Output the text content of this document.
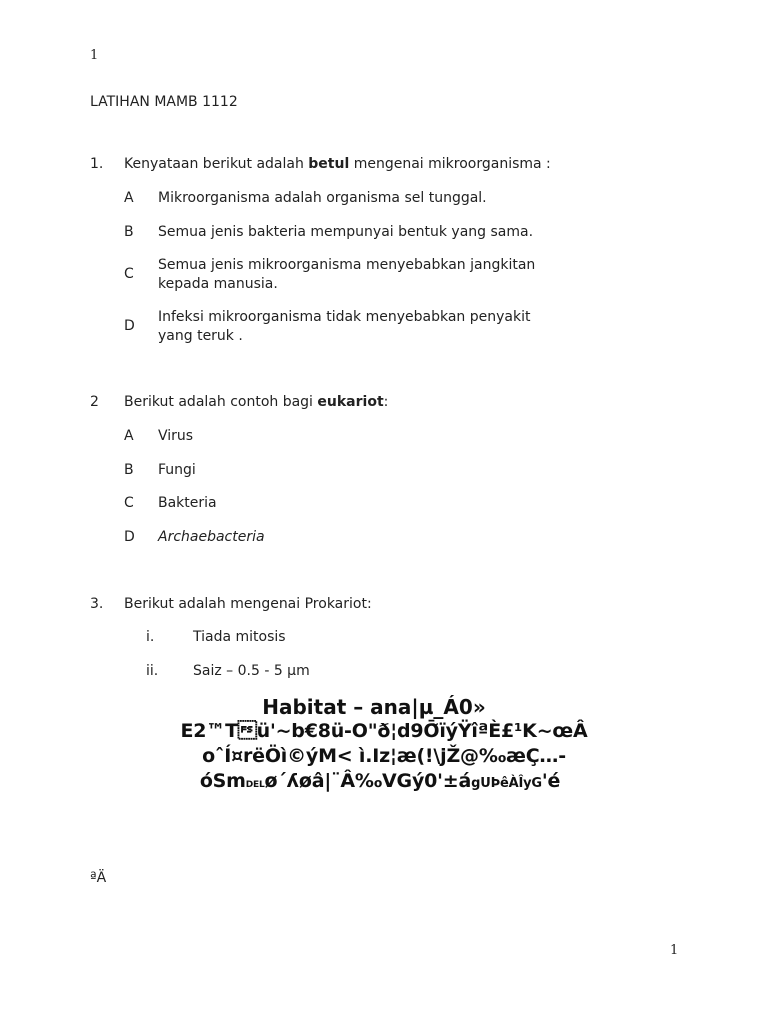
1
LATIHAN MAMB 1112
1. Kenyataan berikut adalah betul mengenai mikroorganisma :
A	Mikroorganisma adalah organisma sel tunggal.
B	Semua jenis bakteria mempunyai bentuk yang sama.
C
Semua jenis mikroorganisma menyebabkan jangkitan
kepada manusia.
D
Infeksi mikroorganisma tidak menyebabkan penyakit
yang teruk .
2 Berikut adalah contoh bagi eukariot:
A	Virus
B	Fungi
C	Bakteria
D	Archaebacteria
3. Berikut adalah mengenai Prokariot:
i.	Tiada mitosis
ii. Saiz – 0.5 - 5 µm
Habitat – ana|µ_Á0»
E2™Tü'~b€8ü-O"ð¦d9Ō̃ïýŸîªÈ£¹K~œÂ
oˆÍ¤rëÖì©ýM< ì.Iz¦æ(!\jŽ@‰æÇ…-
óSmDELø´ʎøâ|¨Â‰VGý0'±ágUÞêÀÎyG'é
ªÄ
1
